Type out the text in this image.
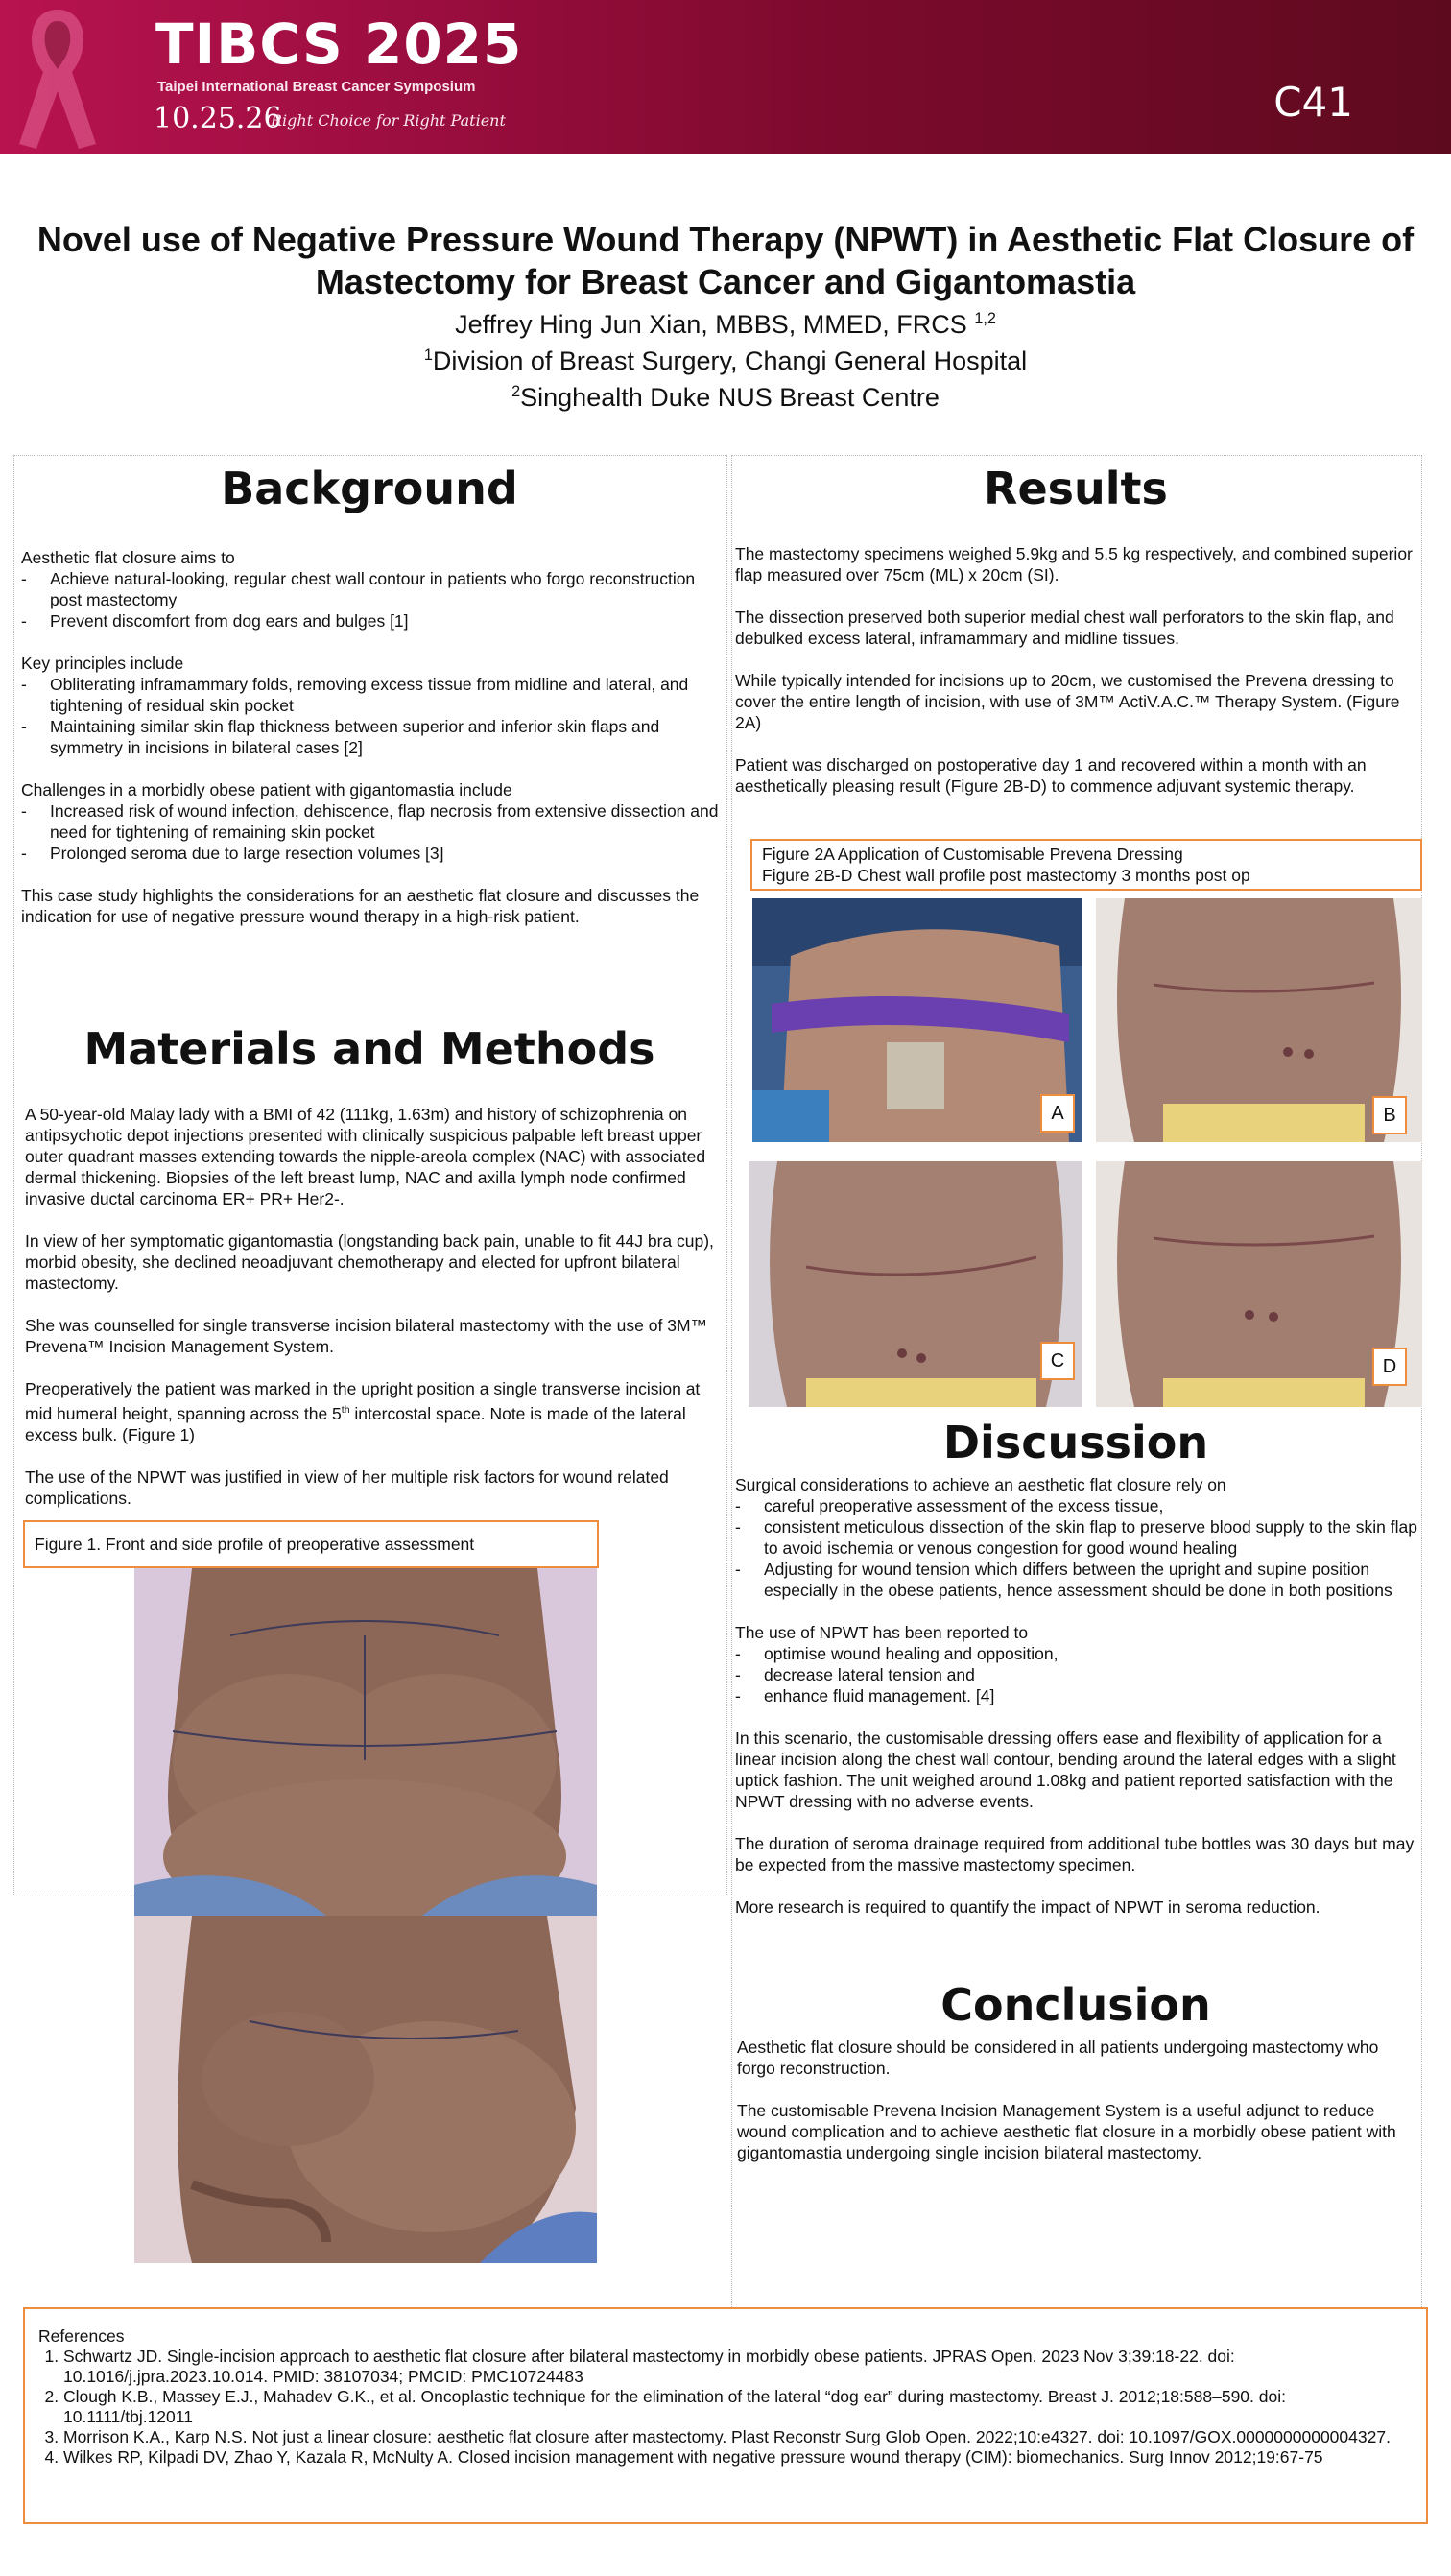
TIBCS 2025
Taipei International Breast Cancer Symposium
10.25.26
Right Choice for Right Patient	C41

Novel use of Negative Pressure Wound Therapy (NPWT) in Aesthetic Flat Closure of

Mastectomy for Breast Cancer and Gigantomastia

Jeffrey Hing Jun Xian, MBBS, MMED, FRCS $^{1,2}$

$^1$Division of Breast Surgery, Changi General Hospital

$^2$Singhealth Duke NUS Breast Centre

Background
Aesthetic flat closure aims to
- Achieve natural-looking, regular chest wall contour in patients who forgo reconstruction post mastectomy
- Prevent discomfort from dog ears and bulges [1]
Key principles include
- Obliterating inframammary folds, removing excess tissue from midline and lateral, and tightening of residual skin pocket
- Maintaining similar skin flap thickness between superior and inferior skin flaps and symmetry in incisions in bilateral cases [2]
Challenges in a morbidly obese patient with gigantomastia include
- Increased risk of wound infection, dehiscence, flap necrosis from extensive dissection and need for tightening of remaining skin pocket
- Prolonged seroma due to large resection volumes [3]

This case study highlights the considerations for an aesthetic flat closure and discusses the indication for use of negative pressure wound therapy in a high-risk patient.

Materials and Methods

A 50-year-old Malay lady with a BMI of 42 (111kg, 1.63m) and history of schizophrenia on antipsychotic depot injections presented with clinically suspicious palpable left breast upper outer quadrant masses extending towards the nipple-areola complex (NAC) with associated dermal thickening. Biopsies of the left breast lump, NAC and axilla lymph node confirmed invasive ductal carcinoma ER+ PR+ Her2-.

In view of her symptomatic gigantomastia (longstanding back pain, unable to fit 44J bra cup), morbid obesity, she declined neoadjuvant chemotherapy and elected for upfront bilateral mastectomy.

She was counselled for single transverse incision bilateral mastectomy with the use of 3M™ Prevena™ Incision Management System.

Preoperatively the patient was marked in the upright position a single transverse incision at mid humeral height, spanning across the 5th intercostal space. Note is made of the lateral excess bulk. (Figure 1)

The use of the NPWT was justified in view of her multiple risk factors for wound related complications.

Figure 1. Front and side profile of preoperative assessment
Results

The mastectomy specimens weighed 5.9kg and 5.5 kg respectively, and combined superior flap measured over 75cm (ML) x 20cm (SI).

The dissection preserved both superior medial chest wall perforators to the skin flap, and debulked excess lateral, inframammary and midline tissues.

While typically intended for incisions up to 20cm, we customised the Prevena dressing to cover the entire length of incision, with use of 3M™ ActiV.A.C.™ Therapy System. (Figure 2A)

Patient was discharged on postoperative day 1 and recovered within a month with an aesthetically pleasing result (Figure 2B-D) to commence adjuvant systemic therapy.

Figure 2A Application of Customisable Prevena Dressing
Figure 2B-D Chest wall profile post mastectomy 3 months post op
A	B
C	D
Discussion
Surgical considerations to achieve an aesthetic flat closure rely on
- careful preoperative assessment of the excess tissue,
- consistent meticulous dissection of the skin flap to preserve blood supply to the skin flap to avoid ischemia or venous congestion for good wound healing
- Adjusting for wound tension which differs between the upright and supine position especially in the obese patients, hence assessment should be done in both positions
The use of NPWT has been reported to
- optimise wound healing and opposition,
- decrease lateral tension and
- enhance fluid management. [4]

In this scenario, the customisable dressing offers ease and flexibility of application for a linear incision along the chest wall contour, bending around the lateral edges with a slight uptick fashion. The unit weighed around 1.08kg and patient reported satisfaction with the NPWT dressing with no adverse events.

The duration of seroma drainage required from additional tube bottles was 30 days but may be expected from the massive mastectomy specimen.

More research is required to quantify the impact of NPWT in seroma reduction.

Conclusion

Aesthetic flat closure should be considered in all patients undergoing mastectomy who forgo reconstruction.

The customisable Prevena Incision Management System is a useful adjunct to reduce wound complication and to achieve aesthetic flat closure in a morbidly obese patient with gigantomastia undergoing single incision bilateral mastectomy.

References
1. Schwartz JD. Single-incision approach to aesthetic flat closure after bilateral mastectomy in morbidly obese patients. JPRAS Open. 2023 Nov 3;39:18-22. doi: 10.1016/j.jpra.2023.10.014. PMID: 38107034; PMCID: PMC10724483
2. Clough K.B., Massey E.J., Mahadev G.K., et al. Oncoplastic technique for the elimination of the lateral “dog ear” during mastectomy. Breast J. 2012;18:588–590. doi: 10.1111/tbj.12011
3. Morrison K.A., Karp N.S. Not just a linear closure: aesthetic flat closure after mastectomy. Plast Reconstr Surg Glob Open. 2022;10:e4327. doi: 10.1097/GOX.0000000000004327.
4. Wilkes RP, Kilpadi DV, Zhao Y, Kazala R, McNulty A. Closed incision management with negative pressure wound therapy (CIM): biomechanics. Surg Innov 2012;19:67-75
